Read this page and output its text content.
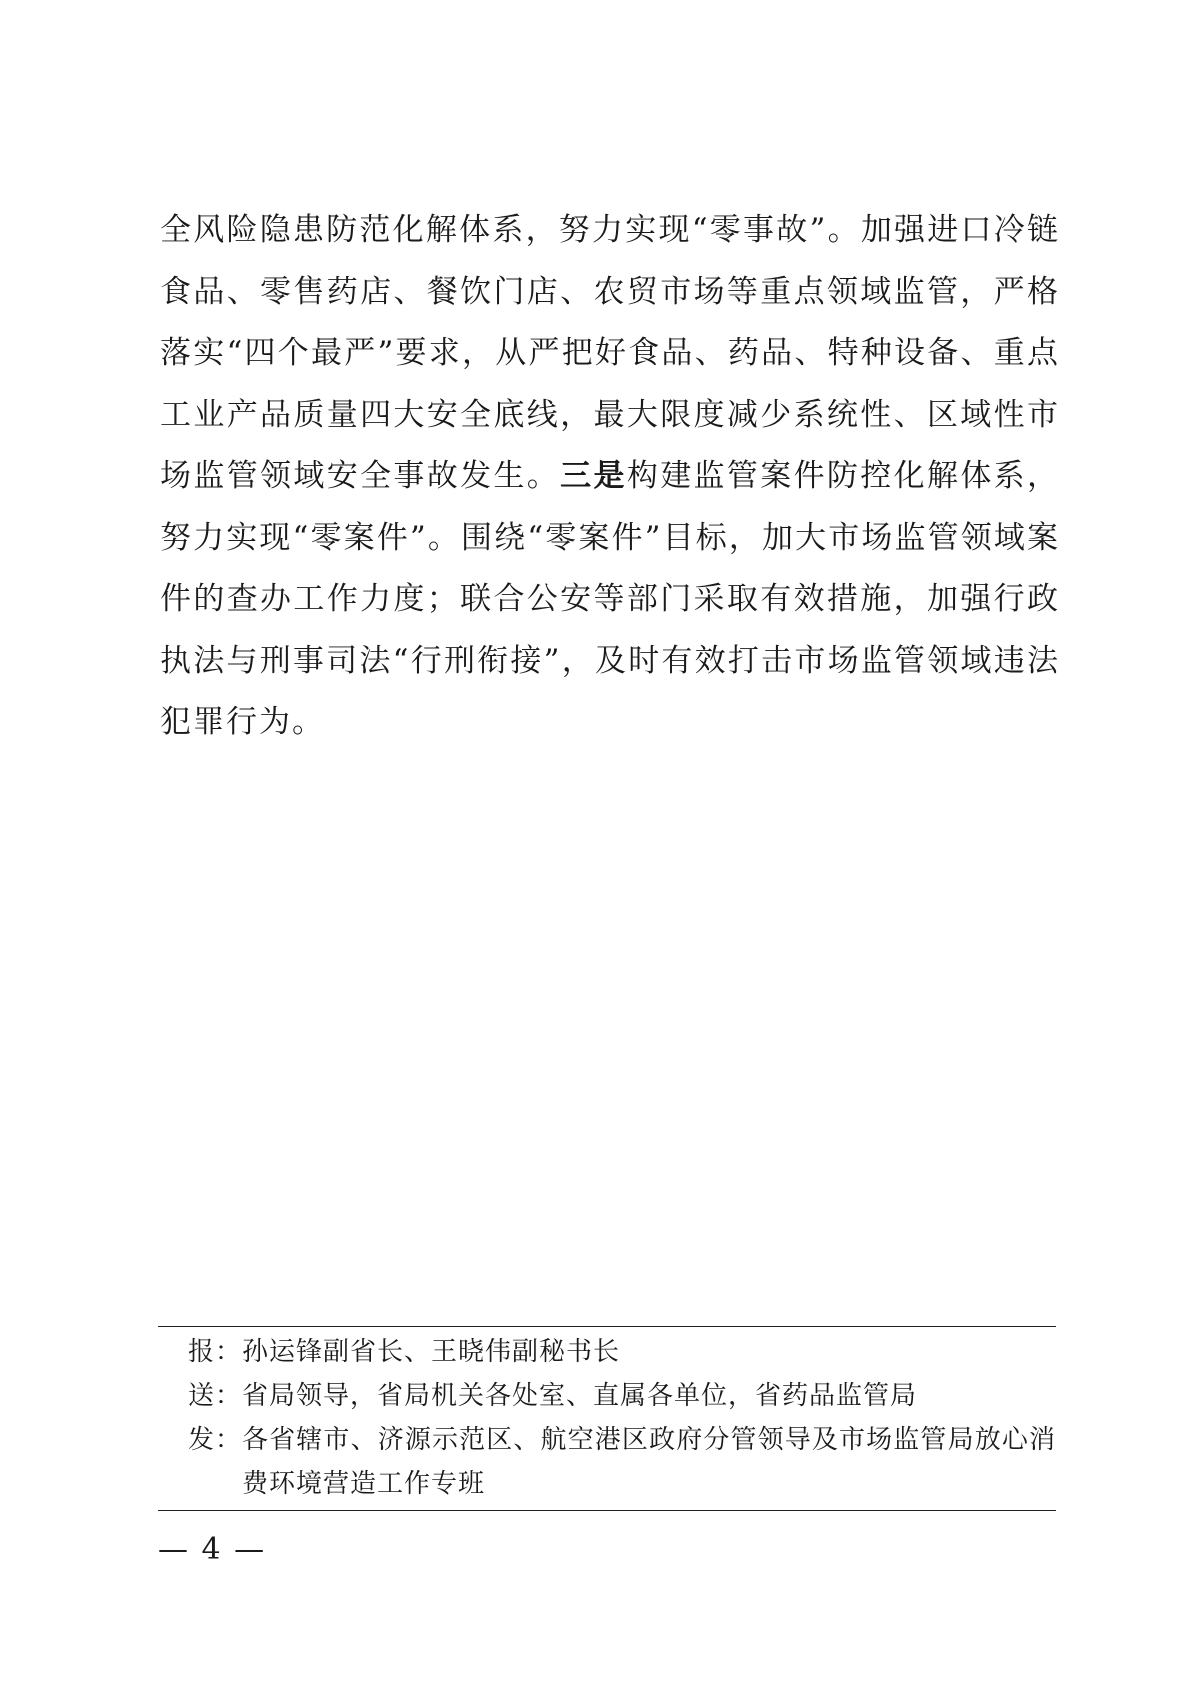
全风险隐患防范化解体系，努力实现“零事故”。加强进口冷链食品、零售药店、餐饮门店、农贸市场等重点领域监管，严格落实“四个最严”要求，从严把好食品、药品、特种设备、重点工业产品质量四大安全底线，最大限度减少系统性、区域性市场监管领域安全事故发生。三是构建监管案件防控化解体系，努力实现“零案件”。围绕“零案件”目标，加大市场监管领域案件的查办工作力度；联合公安等部门采取有效措施，加强行政执法与刑事司法“行刑衔接”，及时有效打击市场监管领域违法犯罪行为。

报： 孙运锋副省长、王晓伟副秘书长
送： 省局领导，省局机关各处室、直属各单位，省药品监管局
发： 各省辖市、济源示范区、航空港区政府分管领导及市场监管局放心消费环境营造工作专班
— 4 —
